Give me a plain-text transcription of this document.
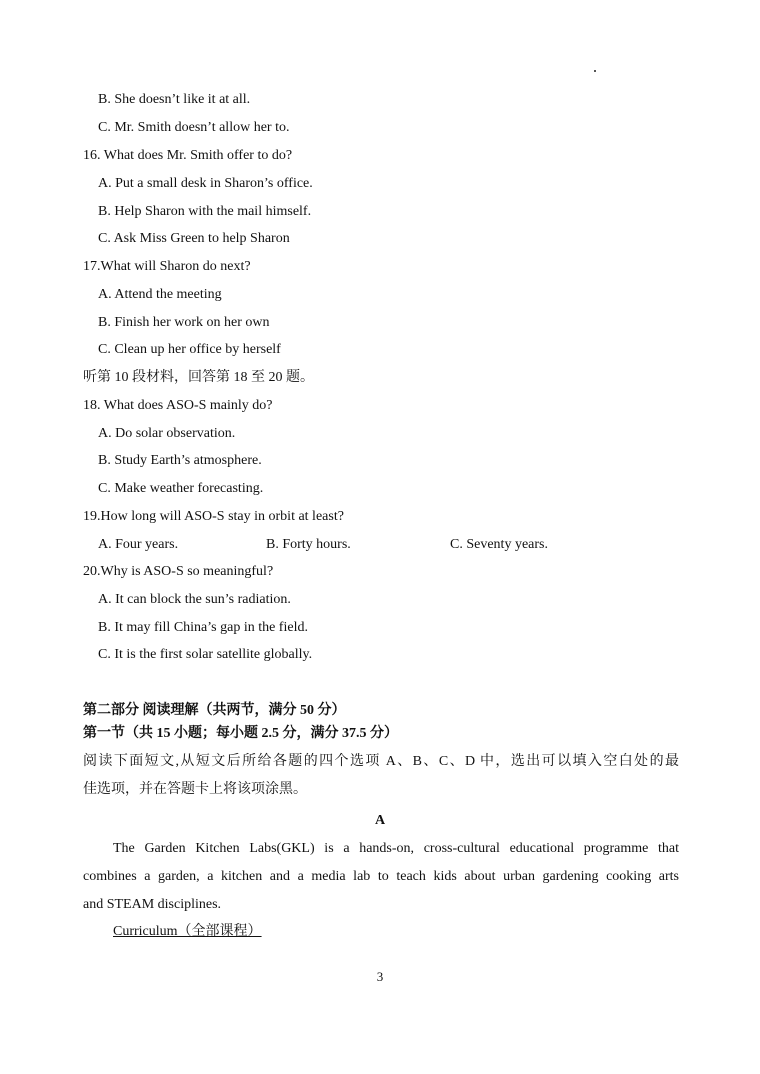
B. She doesn’t like it at all.
C. Mr. Smith doesn’t allow her to.
16. What does Mr. Smith offer to do?
A. Put a small desk in Sharon’s office.
B. Help Sharon with the mail himself.
C. Ask Miss Green to help Sharon
17.What will Sharon do next?
A. Attend the meeting
B. Finish her work on her own
C. Clean up her office by herself
听第 10 段材料，回答第 18 至 20 题。
18. What does ASO-S mainly do?
A. Do solar observation.
B. Study Earth’s atmosphere.
C. Make weather forecasting.
19.How long will ASO-S stay in orbit at least?
A. Four years.	B. Forty hours.	C. Seventy years.
20.Why is ASO-S so meaningful?
A. It can block the sun’s radiation.
B. It may fill China’s gap in the field.
C. It is the first solar satellite globally.
第二部分 阅读理解（共两节，满分 50 分）
第一节（共 15 小题；每小题 2.5 分，满分 37.5 分）
阅读下面短文,从短文后所给各题的四个选项 A、B、C、D 中，选出可以填入空白处的最
佳选项，并在答题卡上将该项涂黑。
A
The Garden Kitchen Labs(GKL) is a hands-on, cross-cultural educational programme that
combines a garden, a kitchen and a media lab to teach kids about urban gardening cooking arts
and STEAM disciplines.
Curriculum（全部课程）
3
